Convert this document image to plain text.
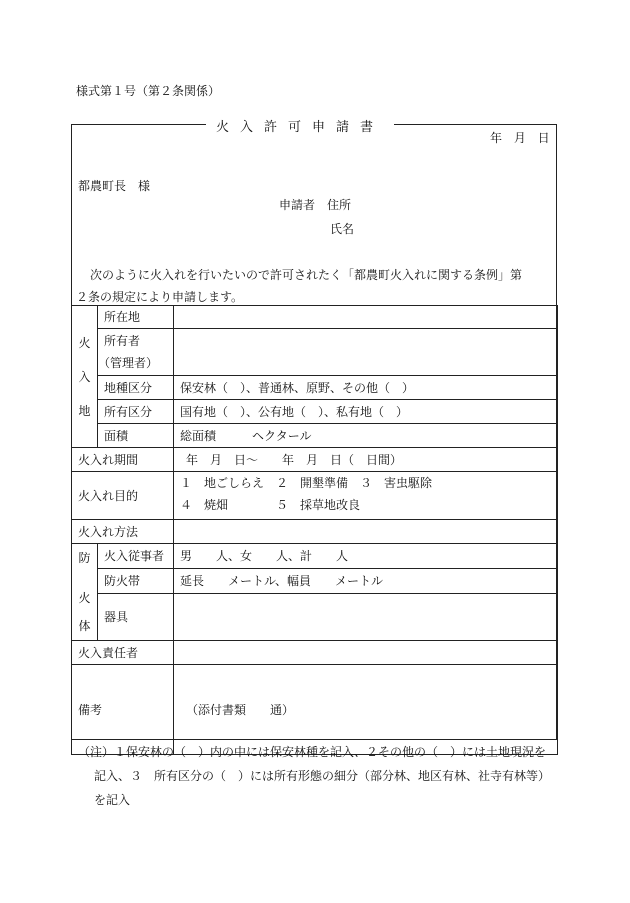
様式第１号（第２条関係）
火入許可申請書
年 月 日
都農町長　様
申請者　住所
氏名
次のように火入れを行いたいので許可されたく「都農町火入れに関する条例」第
２条の規定により申請します。
火
入
地	所在地	

	所有者
（管理者）	

	地種区分	保安林（　）、普通林、原野、その他（　）
	所有区分	国有地（　）、公有地（　）、私有地（　）
	面積	総面積　　　ヘクタール
火入れ期間		年　月　日〜　　年　月　日（　日間）
火入れ目的		１　地ごしらえ　２　開墾準備　３　害虫駆除
４　焼畑　　　　５　採草地改良

火入れ方法		

防
火
体	火入従事者	男　　人、女　　人、計　　人
	防火帯	延長　　メートル、幅員　　メートル
	器具	
火入責任者		
備考		（添付書類　　通）
（注）１保安林の（　）内の中には保安林種を記入、２その他の（　）には土地現況を
記入、３　所有区分の（　）には所有形態の細分（部分林、地区有林、社寺有林等）
を記入
